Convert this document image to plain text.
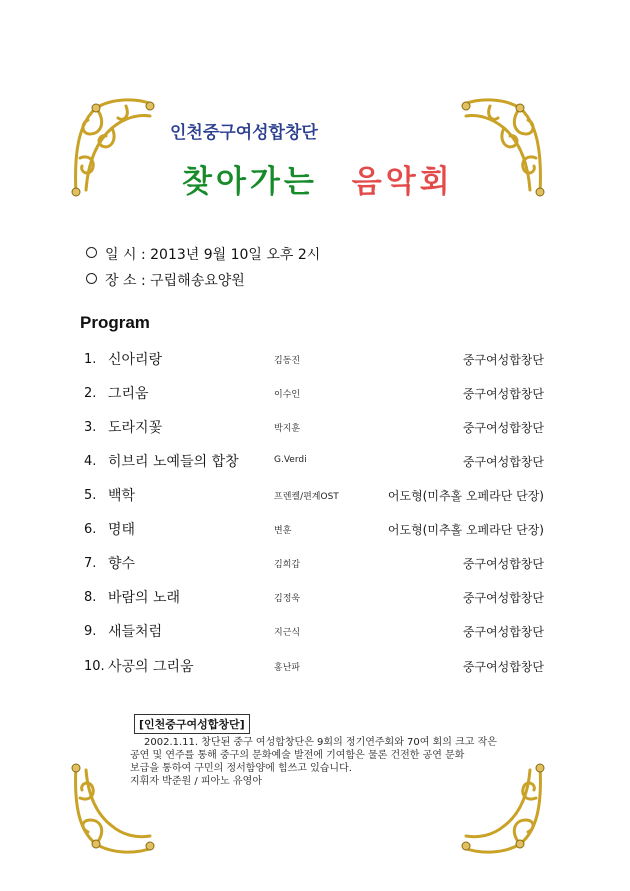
인천중구여성합창단
찾아가는 음악회
일 시 : 2013년 9월 10일 오후 2시
장 소 : 구립해송요양원
Program
1. 신아리랑	김동진	중구여성합창단
2. 그리움	이수인	중구여성합창단
3. 도라지꽃	박지훈	중구여성합창단
4. 히브리 노예들의 합창	G.Verdi	중구여성합창단
5. 백학	프렌켈/편계OST	어도형(미추홀 오페라단 단장)
6. 명태	변훈	어도형(미추홀 오페라단 단장)
7. 향수	김희갑	중구여성합창단
8. 바람의 노래	김정욱	중구여성합창단
9. 새들처럼	지근식	중구여성합창단
10. 사공의 그리움	홍난파	중구여성합창단
[인천중구여성합창단]

2002.1.11. 창단된 중구 여성합창단은 9회의 정기연주회와 70여 회의 크고 작은

공연 및 연주를 통해 중구의 문화예술 발전에 기여함은 물론 건전한 공연 문화

보급을 통하여 구민의 정서함양에 힘쓰고 있습니다.

지휘자 박준원 / 피아노 유영아
